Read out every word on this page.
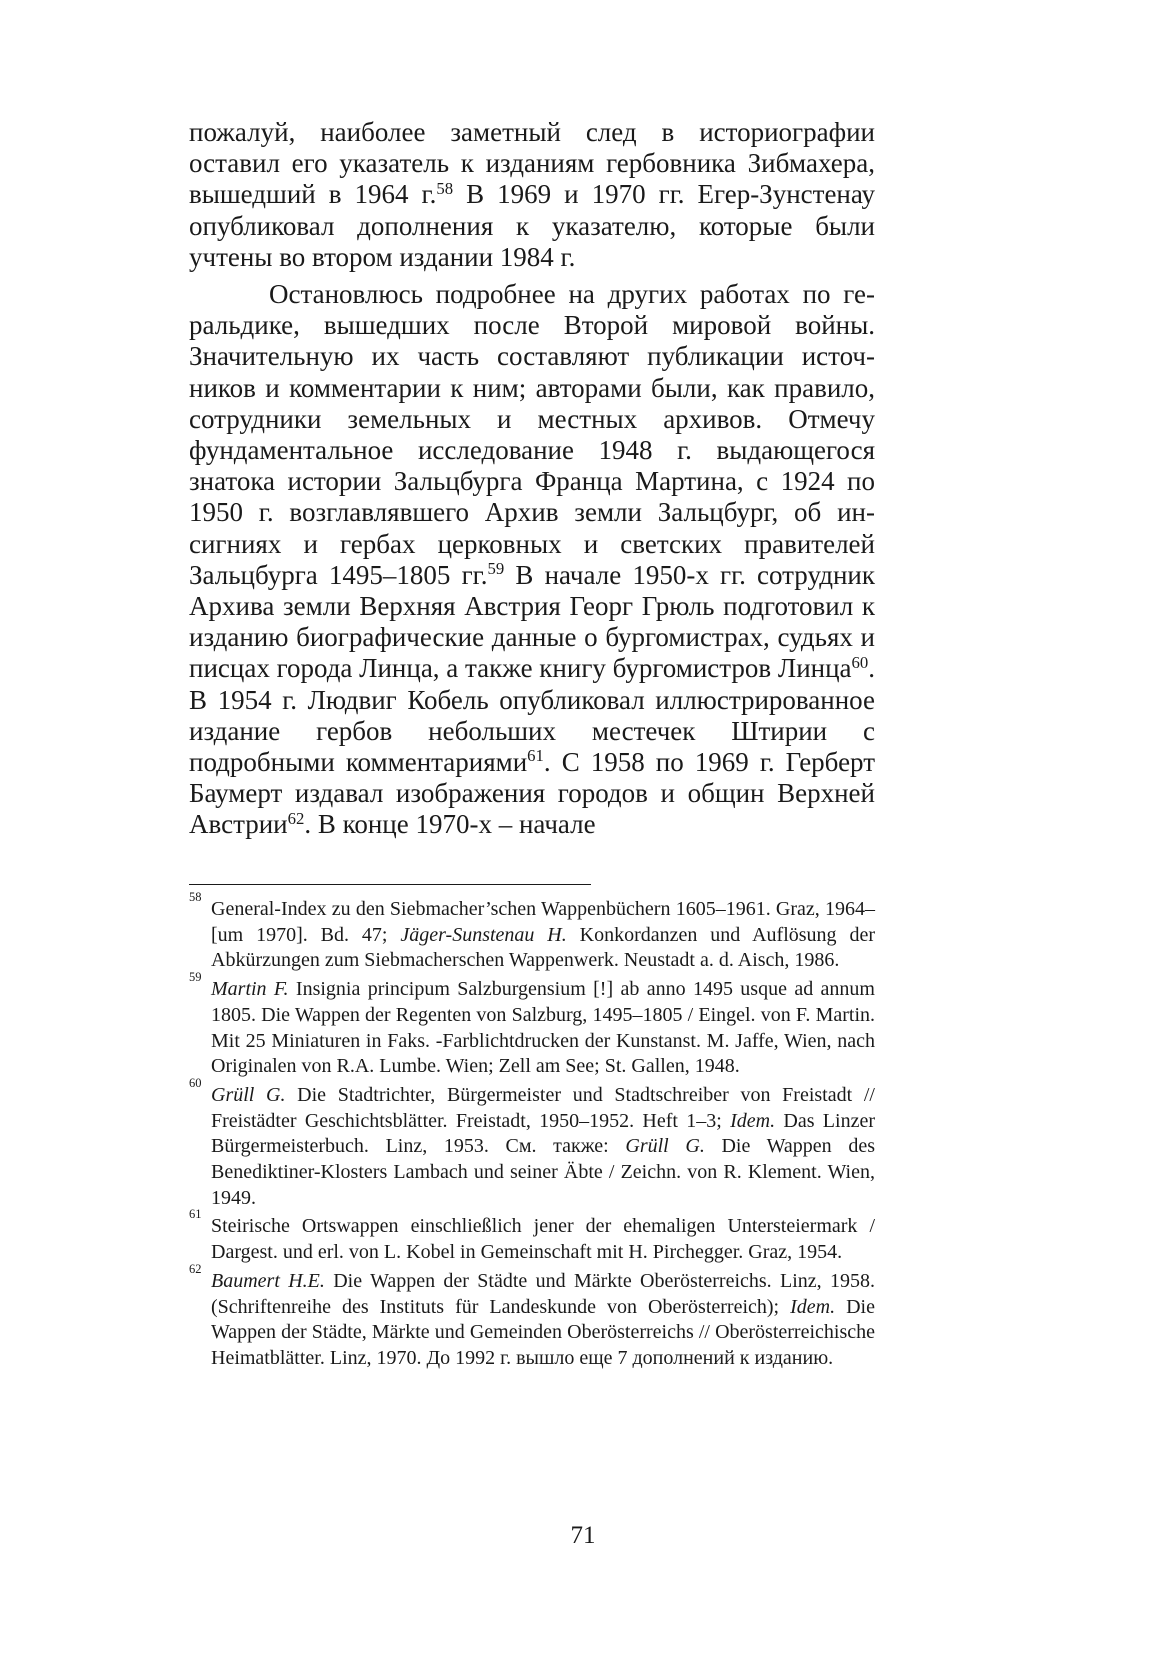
пожалуй, наиболее заметный след в историографии оставил его указатель к изданиям гербовника Зибмахера, вышедший в 1964 г.$^{58}$ В 1969 и 1970 гг. Егер-Зунстенау опубликовал дополнения к указателю, которые были учтены во втором издании 1984 г.

Остановлюсь подробнее на других работах по геральдике, вышедших после Второй мировой войны. Значительную их часть составляют публикации источников и комментарии к ним; авторами были, как правило, сотрудники земельных и местных архивов. Отмечу фундаментальное исследование 1948 г. выдающегося знатока истории Зальцбурга Франца Мартина, с 1924 по 1950 г. возглавлявшего Архив земли Зальцбург, об инсигниях и гербах церковных и светских правителей Зальцбурга 1495–1805 гг.$^{59}$ В начале 1950-х гг. сотрудник Архива земли Верхняя Австрия Георг Грюль подготовил к изданию биографические данные о бургомистрах, судьях и писцах города Линца, а также книгу бургомистров Линца$^{60}$. В 1954 г. Людвиг Кобель опубликовал иллюстрированное издание гербов небольших местечек Штирии с подробными комментариями$^{61}$. С 1958 по 1969 г. Герберт Баумерт издавал изображения городов и общин Верхней Австрии$^{62}$. В конце 1970-х – начале

58
General-Index zu den Siebmacher’schen Wappenbüchern 1605–1961. Graz, 1964–[um 1970]. Bd. 47; Jäger-Sunstenau H. Konkordanzen und Auflösung der Abkürzungen zum Siebmacherschen Wappenwerk. Neustadt a. d. Aisch, 1986.
59
Martin F. Insignia principum Salzburgensium [!] ab anno 1495 usque ad annum 1805. Die Wappen der Regenten von Salzburg, 1495–1805 / Eingel. von F. Martin. Mit 25 Miniaturen in Faks. -Farblichtdrucken der Kunstanst. M. Jaffe, Wien, nach Originalen von R.A. Lumbe. Wien; Zell am See; St. Gallen, 1948.
60
Grüll G. Die Stadtrichter, Bürgermeister und Stadtschreiber von Freistadt // Freistädter Geschichtsblätter. Freistadt, 1950–1952. Heft 1–3; Idem. Das Linzer Bürgermeisterbuch. Linz, 1953. См. также: Grüll G. Die Wappen des Benediktiner-Klosters Lambach und seiner Äbte / Zeichn. von R. Klement. Wien, 1949.
61
Steirische Ortswappen einschließlich jener der ehemaligen Untersteiermark / Dargest. und erl. von L. Kobel in Gemeinschaft mit H. Pirchegger. Graz, 1954.
62
Baumert H.E. Die Wappen der Städte und Märkte Oberösterreichs. Linz, 1958. (Schriftenreihe des Instituts für Landeskunde von Oberösterreich); Idem. Die Wappen der Städte, Märkte und Gemeinden Oberösterreichs // Oberösterreichische Heimatblätter. Linz, 1970. До 1992 г. вышло еще 7 дополнений к изданию.
71
